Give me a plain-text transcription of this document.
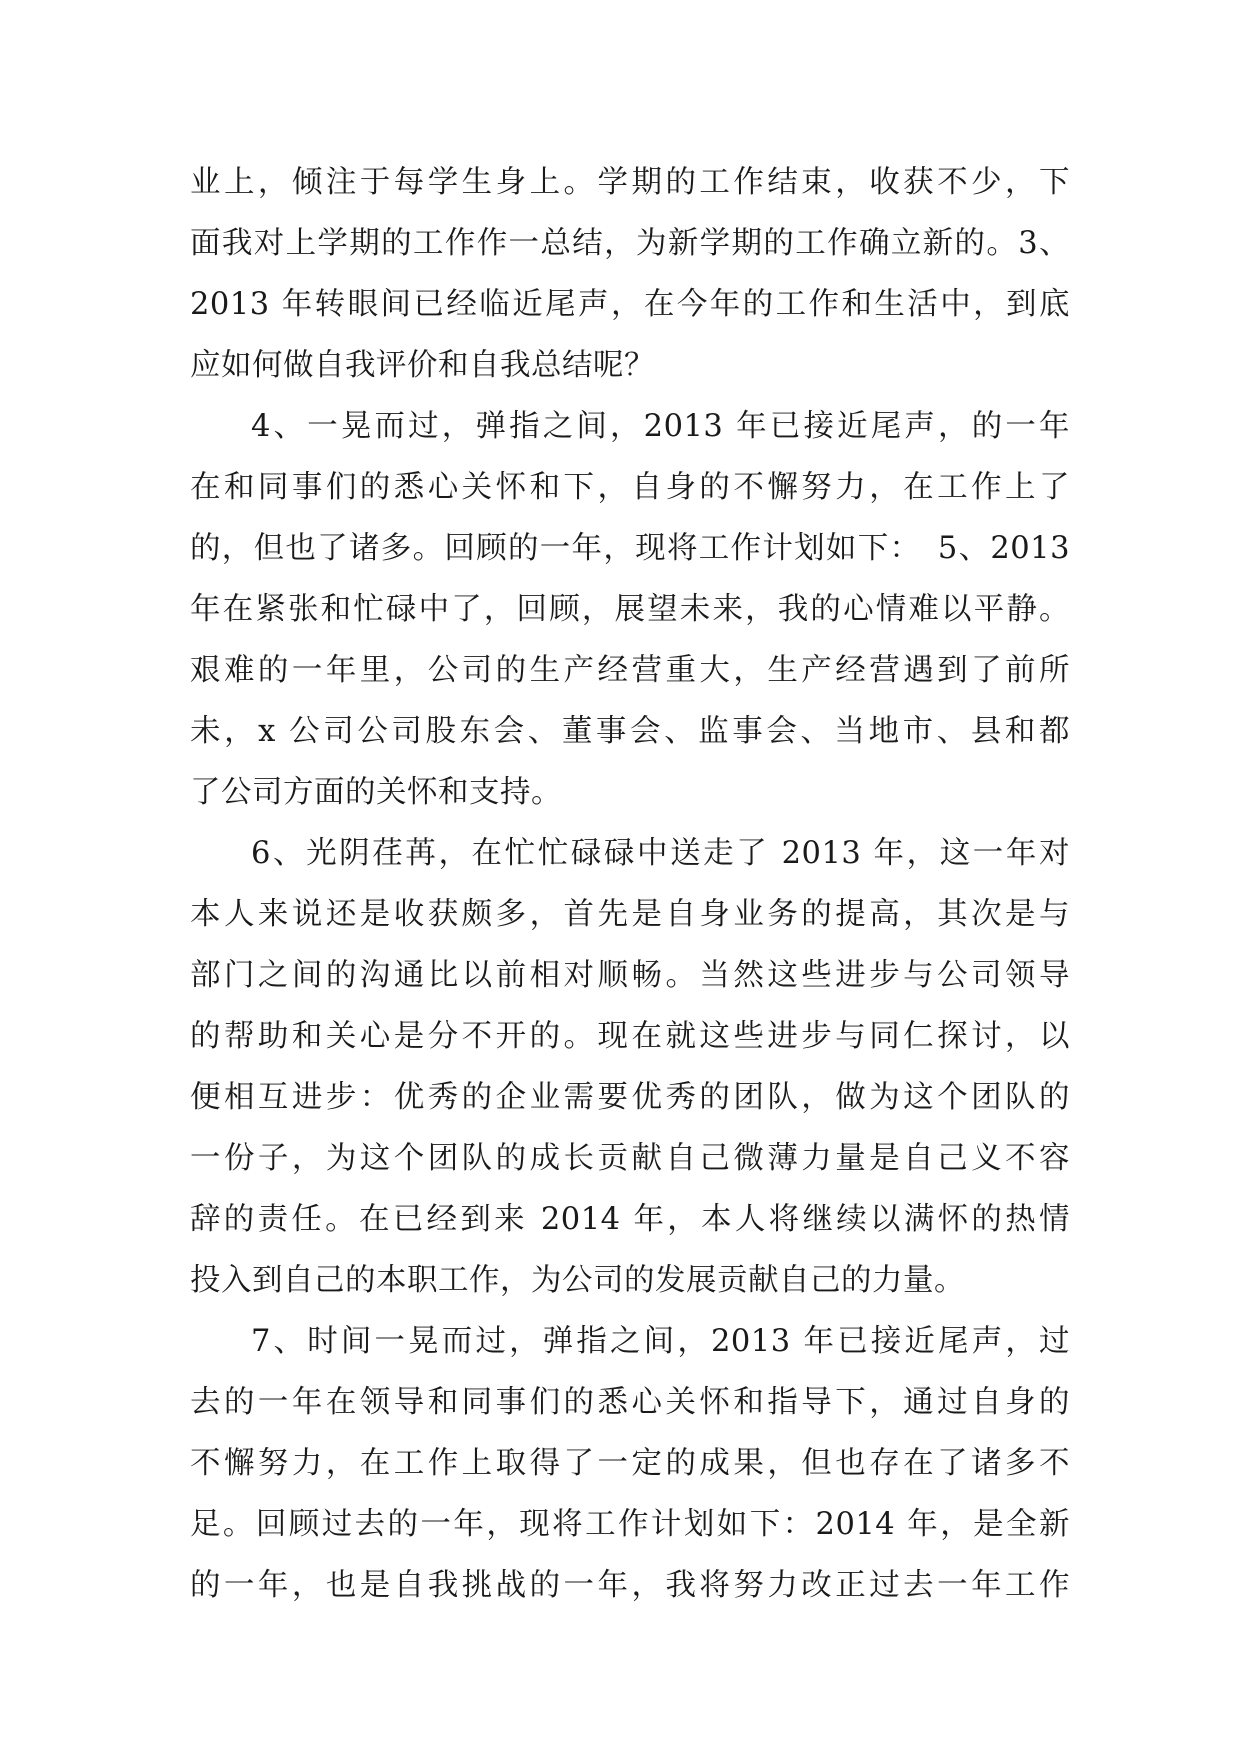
业上，倾注于每学生身上。学期的工作结束，收获不少，下
面我对上学期的工作作一总结，为新学期的工作确立新的。3、
2013 年转眼间已经临近尾声，在今年的工作和生活中，到底
应如何做自我评价和自我总结呢？
4、一晃而过，弹指之间，2013 年已接近尾声，的一年
在和同事们的悉心关怀和下，自身的不懈努力，在工作上了
的，但也了诸多。回顾的一年，现将工作计划如下：　5、2013
年在紧张和忙碌中了，回顾，展望未来，我的心情难以平静。
艰难的一年里，公司的生产经营重大，生产经营遇到了前所
未，x 公司公司股东会、董事会、监事会、当地市、县和都
了公司方面的关怀和支持。
6、光阴荏苒，在忙忙碌碌中送走了 2013 年，这一年对
本人来说还是收获颇多，首先是自身业务的提高，其次是与
部门之间的沟通比以前相对顺畅。当然这些进步与公司领导
的帮助和关心是分不开的。现在就这些进步与同仁探讨，以
便相互进步：优秀的企业需要优秀的团队，做为这个团队的
一份子，为这个团队的成长贡献自己微薄力量是自己义不容
辞的责任。在已经到来 2014 年，本人将继续以满怀的热情
投入到自己的本职工作，为公司的发展贡献自己的力量。
7、时间一晃而过，弹指之间，2013 年已接近尾声，过
去的一年在领导和同事们的悉心关怀和指导下，通过自身的
不懈努力，在工作上取得了一定的成果，但也存在了诸多不
足。回顾过去的一年，现将工作计划如下：2014 年，是全新
的一年，也是自我挑战的一年，我将努力改正过去一年工作
